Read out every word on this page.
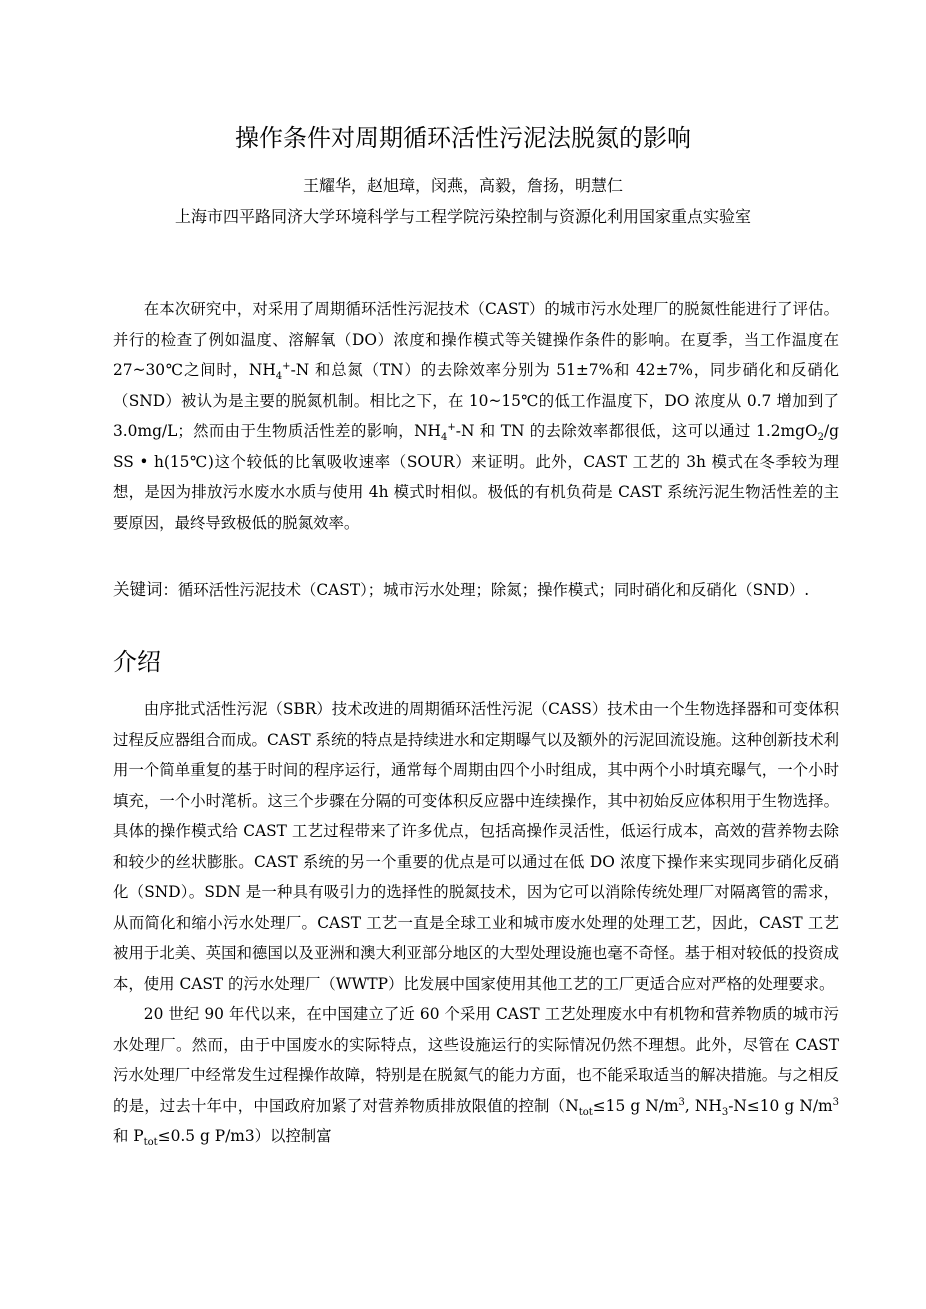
操作条件对周期循环活性污泥法脱氮的影响
王耀华，赵旭璋，闵燕，高毅，詹扬，明慧仁
上海市四平路同济大学环境科学与工程学院污染控制与资源化利用国家重点实验室

在本次研究中，对采用了周期循环活性污泥技术（CAST）的城市污水处理厂的脱氮性能进行了评估。并行的检查了例如温度、溶解氧（DO）浓度和操作模式等关键操作条件的影响。在夏季，当工作温度在 27~30℃之间时，$NH_4^+-N$ 和总氮（TN）的去除效率分别为 51±7%和 42±7%，同步硝化和反硝化（SND）被认为是主要的脱氮机制。相比之下，在 10~15℃的低工作温度下，DO 浓度从 0.7 增加到了 3.0mg/L；然而由于生物质活性差的影响，$NH_4^+-N$ 和 TN 的去除效率都很低，这可以通过 1.2mgO$_2$/g SS • h(15℃)这个较低的比氧吸收速率（SOUR）来证明。此外，CAST 工艺的 3h 模式在冬季较为理想，是因为排放污水废水水质与使用 4h 模式时相似。极低的有机负荷是 CAST 系统污泥生物活性差的主要原因，最终导致极低的脱氮效率。

关键词：循环活性污泥技术（CAST）；城市污水处理；除氮；操作模式；同时硝化和反硝化（SND）.

介绍

由序批式活性污泥（SBR）技术改进的周期循环活性污泥（CASS）技术由一个生物选择器和可变体积过程反应器组合而成。CAST 系统的特点是持续进水和定期曝气以及额外的污泥回流设施。这种创新技术利用一个简单重复的基于时间的程序运行，通常每个周期由四个小时组成，其中两个小时填充曝气，一个小时填充，一个小时滗析。这三个步骤在分隔的可变体积反应器中连续操作，其中初始反应体积用于生物选择。具体的操作模式给 CAST 工艺过程带来了许多优点，包括高操作灵活性，低运行成本，高效的营养物去除和较少的丝状膨胀。CAST 系统的另一个重要的优点是可以通过在低 DO 浓度下操作来实现同步硝化反硝化（SND）。SDN 是一种具有吸引力的选择性的脱氮技术，因为它可以消除传统处理厂对隔离管的需求，从而简化和缩小污水处理厂。CAST 工艺一直是全球工业和城市废水处理的处理工艺，因此，CAST 工艺被用于北美、英国和德国以及亚洲和澳大利亚部分地区的大型处理设施也毫不奇怪。基于相对较低的投资成本，使用 CAST 的污水处理厂（WWTP）比发展中国家使用其他工艺的工厂更适合应对严格的处理要求。

20 世纪 90 年代以来，在中国建立了近 60 个采用 CAST 工艺处理废水中有机物和营养物质的城市污水处理厂。然而，由于中国废水的实际特点，这些设施运行的实际情况仍然不理想。此外，尽管在 CAST 污水处理厂中经常发生过程操作故障，特别是在脱氮气的能力方面，也不能采取适当的解决措施。与之相反的是，过去十年中，中国政府加紧了对营养物质排放限值的控制（$N_{tot}\le 15$ g $N/m^3$, $NH_3-N\le 10$ g $N/m^3$ 和 $P_{tot}\le 0.5$ g P/m3）以控制富
